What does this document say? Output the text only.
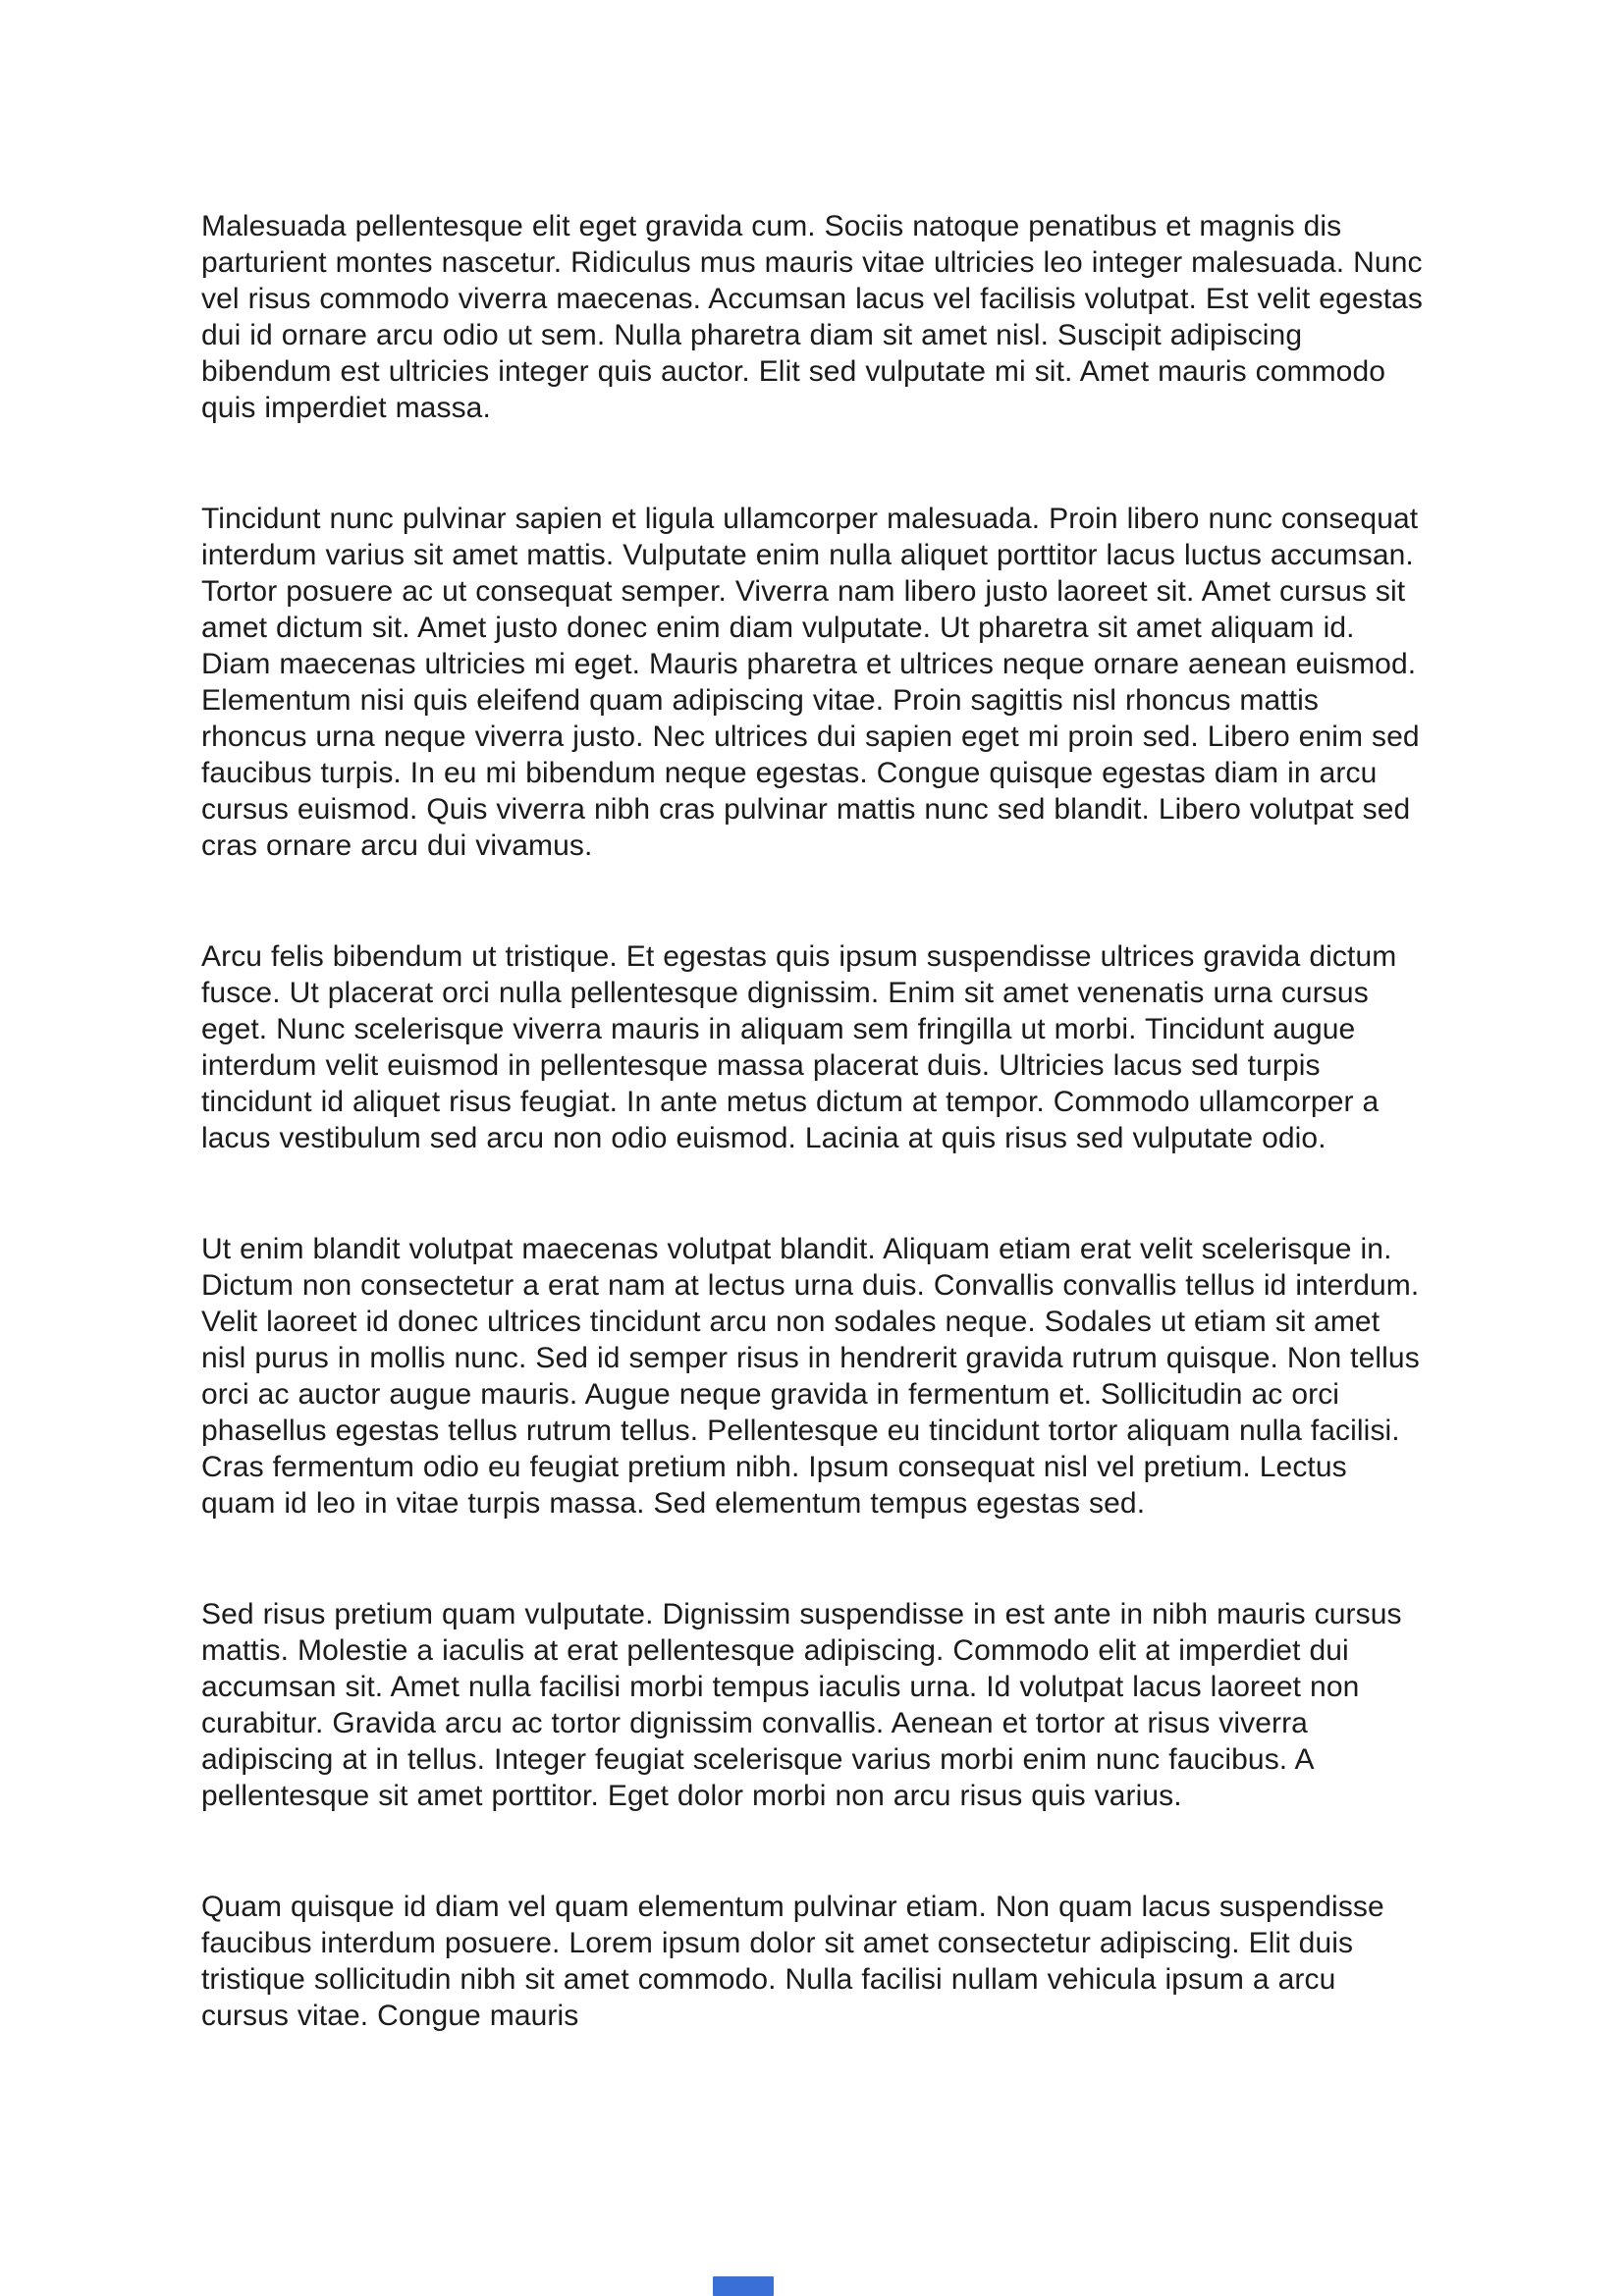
Malesuada pellentesque elit eget gravida cum. Sociis natoque penatibus et magnis dis parturient montes nascetur. Ridiculus mus mauris vitae ultricies leo integer malesuada. Nunc vel risus commodo viverra maecenas. Accumsan lacus vel facilisis volutpat. Est velit egestas dui id ornare arcu odio ut sem. Nulla pharetra diam sit amet nisl. Suscipit adipiscing bibendum est ultricies integer quis auctor. Elit sed vulputate mi sit. Amet mauris commodo quis imperdiet massa.

Tincidunt nunc pulvinar sapien et ligula ullamcorper malesuada. Proin libero nunc consequat interdum varius sit amet mattis. Vulputate enim nulla aliquet porttitor lacus luctus accumsan. Tortor posuere ac ut consequat semper. Viverra nam libero justo laoreet sit. Amet cursus sit amet dictum sit. Amet justo donec enim diam vulputate. Ut pharetra sit amet aliquam id. Diam maecenas ultricies mi eget. Mauris pharetra et ultrices neque ornare aenean euismod. Elementum nisi quis eleifend quam adipiscing vitae. Proin sagittis nisl rhoncus mattis rhoncus urna neque viverra justo. Nec ultrices dui sapien eget mi proin sed. Libero enim sed faucibus turpis. In eu mi bibendum neque egestas. Congue quisque egestas diam in arcu cursus euismod. Quis viverra nibh cras pulvinar mattis nunc sed blandit. Libero volutpat sed cras ornare arcu dui vivamus.

Arcu felis bibendum ut tristique. Et egestas quis ipsum suspendisse ultrices gravida dictum fusce. Ut placerat orci nulla pellentesque dignissim. Enim sit amet venenatis urna cursus eget. Nunc scelerisque viverra mauris in aliquam sem fringilla ut morbi. Tincidunt augue interdum velit euismod in pellentesque massa placerat duis. Ultricies lacus sed turpis tincidunt id aliquet risus feugiat. In ante metus dictum at tempor. Commodo ullamcorper a lacus vestibulum sed arcu non odio euismod. Lacinia at quis risus sed vulputate odio.

Ut enim blandit volutpat maecenas volutpat blandit. Aliquam etiam erat velit scelerisque in. Dictum non consectetur a erat nam at lectus urna duis. Convallis convallis tellus id interdum. Velit laoreet id donec ultrices tincidunt arcu non sodales neque. Sodales ut etiam sit amet nisl purus in mollis nunc. Sed id semper risus in hendrerit gravida rutrum quisque. Non tellus orci ac auctor augue mauris. Augue neque gravida in fermentum et. Sollicitudin ac orci phasellus egestas tellus rutrum tellus. Pellentesque eu tincidunt tortor aliquam nulla facilisi. Cras fermentum odio eu feugiat pretium nibh. Ipsum consequat nisl vel pretium. Lectus quam id leo in vitae turpis massa. Sed elementum tempus egestas sed.

Sed risus pretium quam vulputate. Dignissim suspendisse in est ante in nibh mauris cursus mattis. Molestie a iaculis at erat pellentesque adipiscing. Commodo elit at imperdiet dui accumsan sit. Amet nulla facilisi morbi tempus iaculis urna. Id volutpat lacus laoreet non curabitur. Gravida arcu ac tortor dignissim convallis. Aenean et tortor at risus viverra adipiscing at in tellus. Integer feugiat scelerisque varius morbi enim nunc faucibus. A pellentesque sit amet porttitor. Eget dolor morbi non arcu risus quis varius.

Quam quisque id diam vel quam elementum pulvinar etiam. Non quam lacus suspendisse faucibus interdum posuere. Lorem ipsum dolor sit amet consectetur adipiscing. Elit duis tristique sollicitudin nibh sit amet commodo. Nulla facilisi nullam vehicula ipsum a arcu cursus vitae. Congue mauris
